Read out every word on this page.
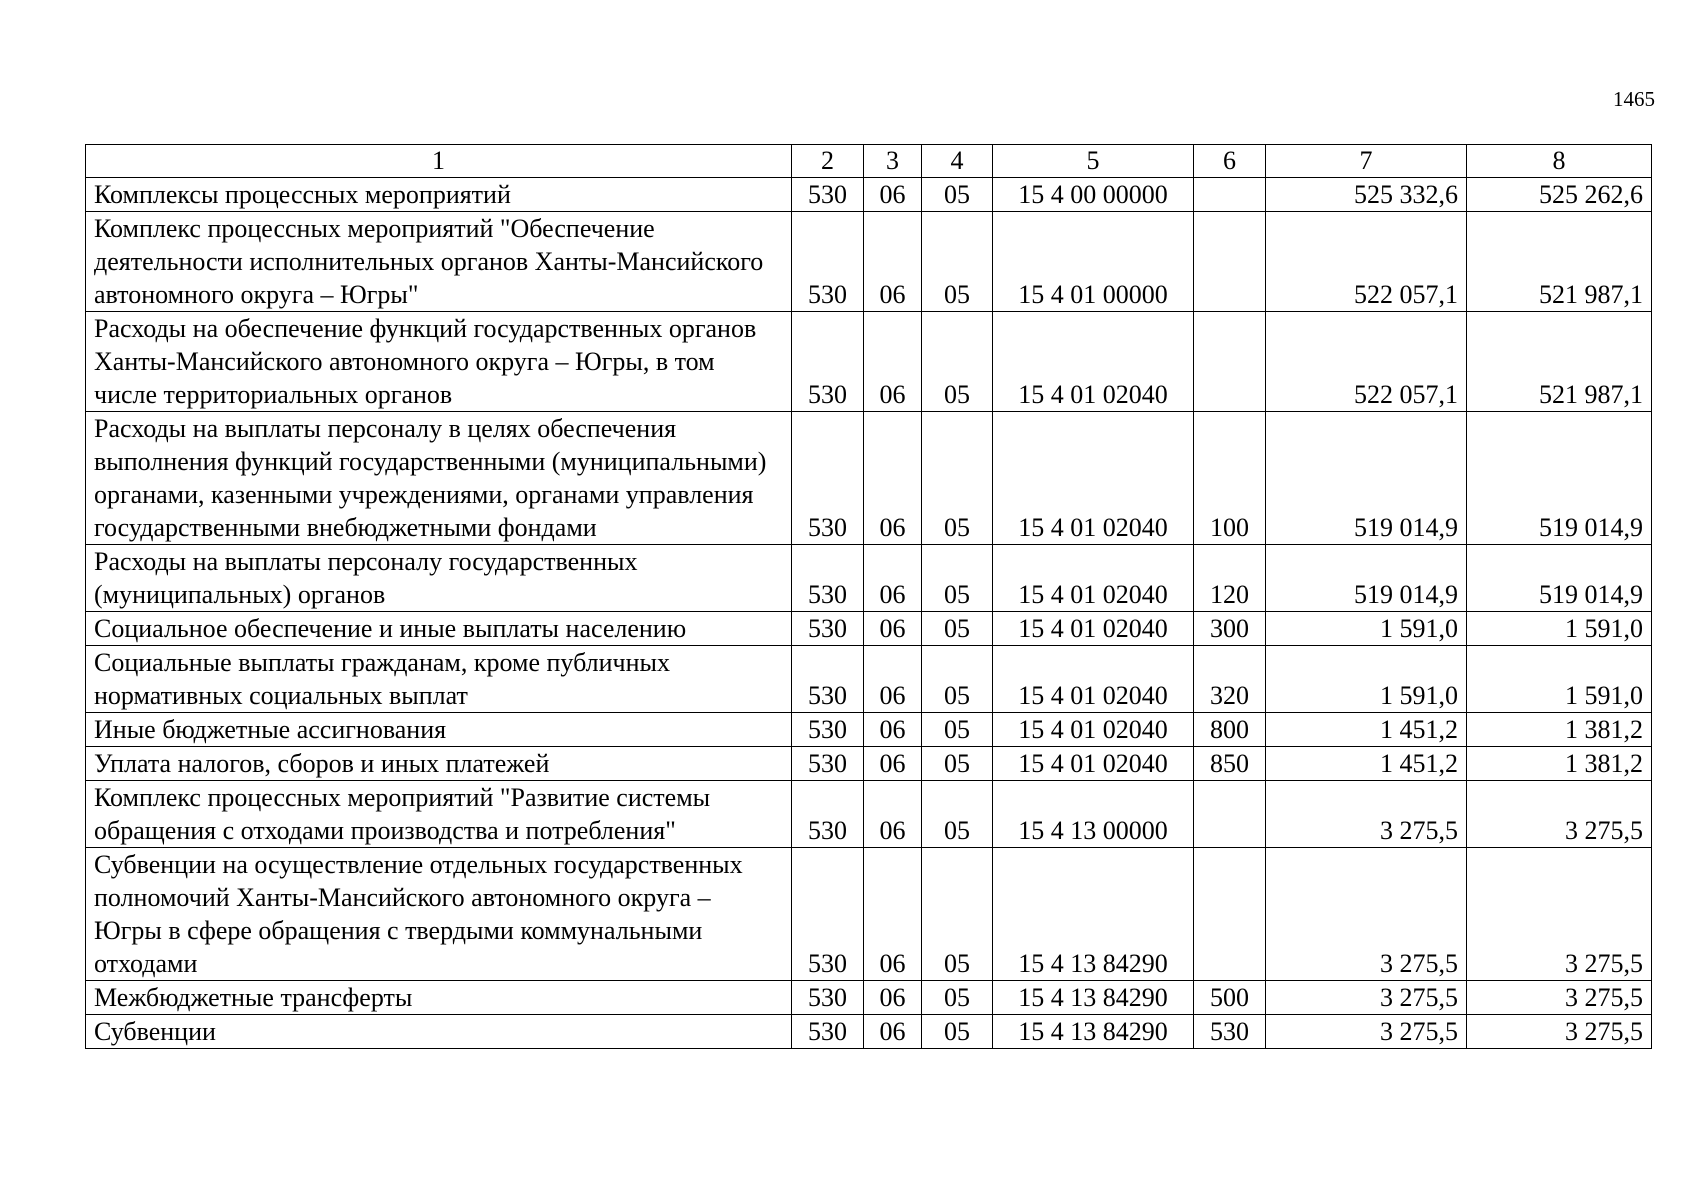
1465
1	2	3	4	5	6	7	8
Комплексы процессных мероприятий	530	06	05	15 4 00 00000		525 332,6	525 262,6
Комплекс процессных мероприятий "Обеспечение деятельности исполнительных органов Ханты-Мансийского автономного округа – Югры"	530	06	05	15 4 01 00000		522 057,1	521 987,1
Расходы на обеспечение функций государственных органов Ханты-Мансийского автономного округа – Югры, в том числе территориальных органов	530	06	05	15 4 01 02040		522 057,1	521 987,1
Расходы на выплаты персоналу в целях обеспечения выполнения функций государственными (муниципальными) органами, казенными учреждениями, органами управления государственными внебюджетными фондами	530	06	05	15 4 01 02040	100	519 014,9	519 014,9
Расходы на выплаты персоналу государственных (муниципальных) органов	530	06	05	15 4 01 02040	120	519 014,9	519 014,9
Социальное обеспечение и иные выплаты населению	530	06	05	15 4 01 02040	300	1 591,0	1 591,0
Социальные выплаты гражданам, кроме публичных нормативных социальных выплат	530	06	05	15 4 01 02040	320	1 591,0	1 591,0
Иные бюджетные ассигнования	530	06	05	15 4 01 02040	800	1 451,2	1 381,2
Уплата налогов, сборов и иных платежей	530	06	05	15 4 01 02040	850	1 451,2	1 381,2
Комплекс процессных мероприятий "Развитие системы обращения с отходами производства и потребления"	530	06	05	15 4 13 00000		3 275,5	3 275,5
Субвенции на осуществление отдельных государственных полномочий Ханты-Мансийского автономного округа – Югры в сфере обращения с твердыми коммунальными отходами	530	06	05	15 4 13 84290		3 275,5	3 275,5
Межбюджетные трансферты	530	06	05	15 4 13 84290	500	3 275,5	3 275,5
Субвенции	530	06	05	15 4 13 84290	530	3 275,5	3 275,5
